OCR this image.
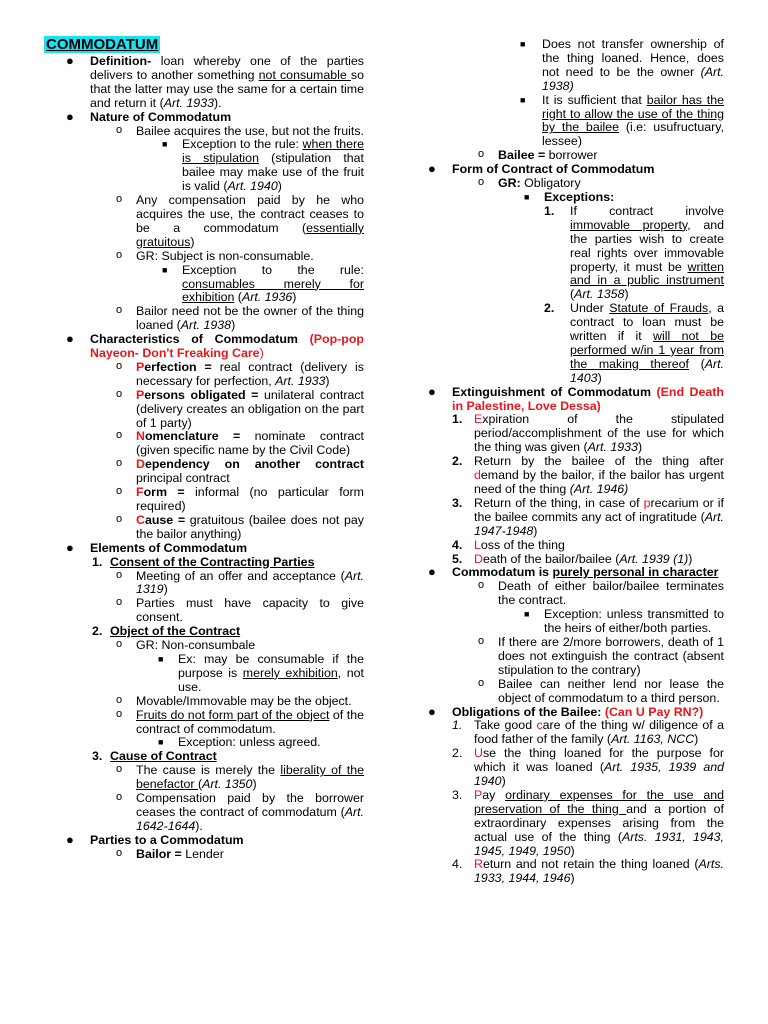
COMMODATUM
● Definition- loan whereby one of the parties delivers to another something not consumable so that the latter may use the same for a certain time and return it (Art. 1933).
● Nature of Commodatum
o Bailee acquires the use, but not the fruits.
■ Exception to the rule: when there is stipulation (stipulation that bailee may make use of the fruit is valid (Art. 1940)
o Any compensation paid by he who acquires the use, the contract ceases to be a commodatum (essentially gratuitous)
o GR: Subject is non-consumable.
■ Exception to the rule: consumables merely for exhibition (Art. 1936)
o Bailor need not be the owner of the thing loaned (Art. 1938)
● Characteristics of Commodatum (Pop-pop Nayeon- Don't Freaking Care)
o Perfection = real contract (delivery is necessary for perfection, Art. 1933)
o Persons obligated = unilateral contract (delivery creates an obligation on the part of 1 party)
o Nomenclature = nominate contract (given specific name by the Civil Code)
o Dependency on another contract principal contract
o Form = informal (no particular form required)
o Cause = gratuitous (bailee does not pay the bailor anything)
● Elements of Commodatum
1. Consent of the Contracting Parties
o Meeting of an offer and acceptance (Art. 1319)
o Parties must have capacity to give consent.
2. Object of the Contract
o GR: Non-consumbale
■ Ex: may be consumable if the purpose is merely exhibition, not use.
o Movable/Immovable may be the object.
o Fruits do not form part of the object of the contract of commodatum.
■ Exception: unless agreed.
3. Cause of Contract
o The cause is merely the liberality of the benefactor (Art. 1350)
o Compensation paid by the borrower ceases the contract of commodatum (Art. 1642-1644).
● Parties to a Commodatum
o Bailor = Lender
■ Does not transfer ownership of the thing loaned. Hence, does not need to be the owner (Art. 1938)
■ It is sufficient that bailor has the right to allow the use of the thing by the bailee (i.e: usufructuary, lessee)
o Bailee = borrower
● Form of Contract of Commodatum
o GR: Obligatory
■ Exceptions:
1. If contract involve immovable property, and the parties wish to create real rights over immovable property, it must be written and in a public instrument (Art. 1358)
2. Under Statute of Frauds, a contract to loan must be written if it will not be performed w/in 1 year from the making thereof (Art. 1403)
● Extinguishment of Commodatum (End Death in Palestine, Love Dessa)
1. Expiration of the stipulated period/accomplishment of the use for which the thing was given (Art. 1933)
2. Return by the bailee of the thing after demand by the bailor, if the bailor has urgent need of the thing (Art. 1946)
3. Return of the thing, in case of precarium or if the bailee commits any act of ingratitude (Art. 1947-1948)
4. Loss of the thing
5. Death of the bailor/bailee (Art. 1939 (1))
● Commodatum is purely personal in character
o Death of either bailor/bailee terminates the contract.
■ Exception: unless transmitted to the heirs of either/both parties.
o If there are 2/more borrowers, death of 1 does not extinguish the contract (absent stipulation to the contrary)
o Bailee can neither lend nor lease the object of commodatum to a third person.
● Obligations of the Bailee: (Can U Pay RN?)
1. Take good care of the thing w/ diligence of a food father of the family (Art. 1163, NCC)
2. Use the thing loaned for the purpose for which it was loaned (Art. 1935, 1939 and 1940)
3. Pay ordinary expenses for the use and preservation of the thing and a portion of extraordinary expenses arising from the actual use of the thing (Arts. 1931, 1943, 1945, 1949, 1950)
4. Return and not retain the thing loaned (Arts. 1933, 1944, 1946)
